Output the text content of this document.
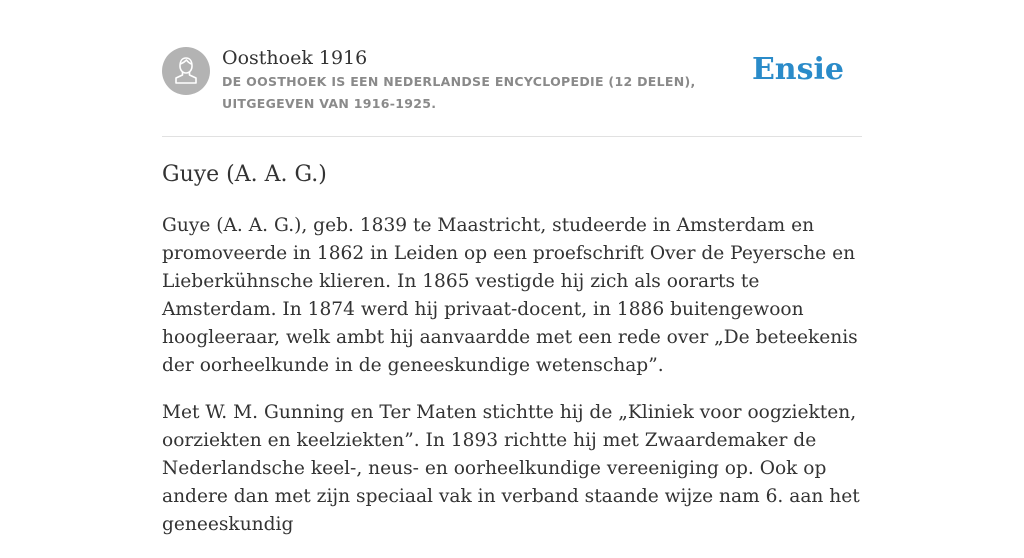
Oosthoek 1916
DE OOSTHOEK IS EEN NEDERLANDSE ENCYCLOPEDIE (12 DELEN), UITGEGEVEN VAN 1916-1925.
Ensie
Guye (A. A. G.)

Guye (A. A. G.), geb. 1839 te Maastricht, studeerde in Amsterdam en promoveerde in 1862 in Leiden op een proefschrift Over de Peyersche en Lieberkühnsche klieren. In 1865 vestigde hij zich als oorarts te Amsterdam. In 1874 werd hij privaat-docent, in 1886 buitengewoon hoogleeraar, welk ambt hij aanvaardde met een rede over „De beteekenis der oorheelkunde in de geneeskundige wetenschap”.

Met W. M. Gunning en Ter Maten stichtte hij de „Kliniek voor oogziekten, oorziekten en keelziekten”. In 1893 richtte hij met Zwaardemaker de Nederlandsche keel-, neus- en oorheelkundige vereeniging op. Ook op andere dan met zijn speciaal vak in verband staande wijze nam 6. aan het geneeskundig
